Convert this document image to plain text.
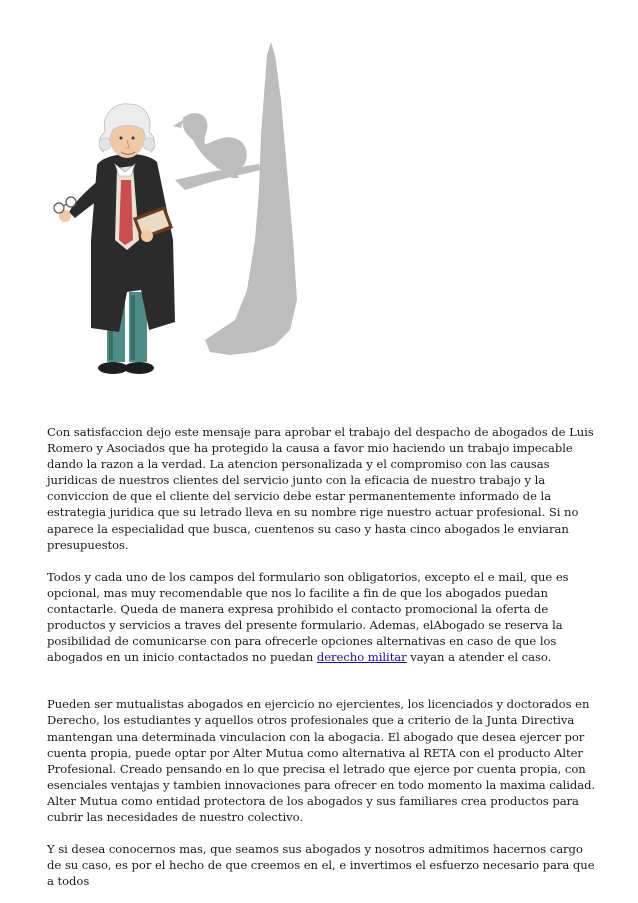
Con satisfaccion dejo este mensaje para aprobar el trabajo del despacho de abogados de Luis Romero y Asociados que ha protegido la causa a favor mio haciendo un trabajo impecable dando la razon a la verdad. La atencion personalizada y el compromiso con las causas juridicas de nuestros clientes del servicio junto con la eficacia de nuestro trabajo y la conviccion de que el cliente del servicio debe estar permanentemente informado de la estrategia juridica que su letrado lleva en su nombre rige nuestro actuar profesional. Si no aparece la especialidad que busca, cuentenos su caso y hasta cinco abogados le enviaran presupuestos.

Todos y cada uno de los campos del formulario son obligatorios, excepto el e mail, que es opcional, mas muy recomendable que nos lo facilite a fin de que los abogados puedan contactarle. Queda de manera expresa prohibido el contacto promocional la oferta de productos y servicios a traves del presente formulario. Ademas, elAbogado se reserva la posibilidad de comunicarse con para ofrecerle opciones alternativas en caso de que los abogados en un inicio contactados no puedan derecho militar vayan a atender el caso.

Pueden ser mutualistas abogados en ejercicio no ejercientes, los licenciados y doctorados en Derecho, los estudiantes y aquellos otros profesionales que a criterio de la Junta Directiva mantengan una determinada vinculacion con la abogacia. El abogado que desea ejercer por cuenta propia, puede optar por Alter Mutua como alternativa al RETA con el producto Alter Profesional. Creado pensando en lo que precisa el letrado que ejerce por cuenta propia, con esenciales ventajas y tambien innovaciones para ofrecer en todo momento la maxima calidad. Alter Mutua como entidad protectora de los abogados y sus familiares crea productos para cubrir las necesidades de nuestro colectivo.

Y si desea conocernos mas, que seamos sus abogados y nosotros admitimos hacernos cargo de su caso, es por el hecho de que creemos en el, e invertimos el esfuerzo necesario para que a todos
